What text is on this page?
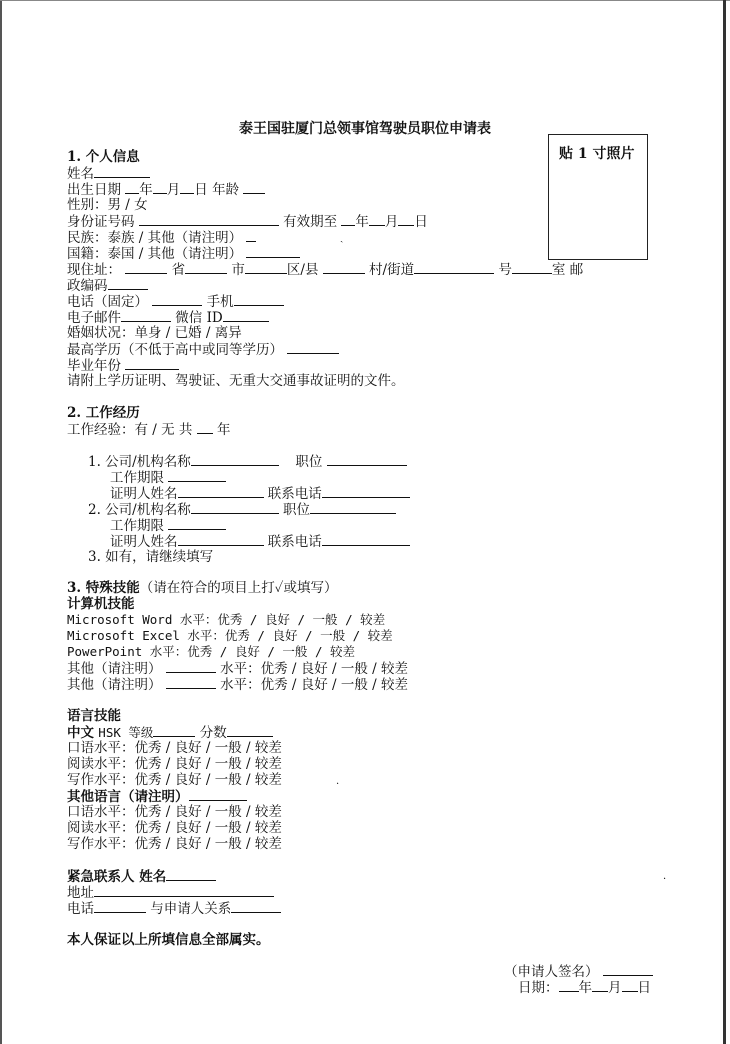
泰王国驻厦门总领事馆驾驶员职位申请表
贴 1 寸照片
1. 个人信息
姓名
出生日期 年 月 日 年龄
性别：男 / 女
身份证号码	有效期至 年 月 日
民族：泰族 / 其他（请注明）	ˎ
国籍：泰国 / 其他（请注明）
现住址：	省	市	区/县	村/街道	号	室 邮
政编码
电话（固定）	手机
电子邮件	微信 ID
婚姻状况：单身 / 已婚 / 离异
最高学历（不低于高中或同等学历）
毕业年份
请附上学历证明、驾驶证、无重大交通事故证明的文件。
2. 工作经历
工作经验：有 / 无 共 年
1. 公司/机构名称	职位
工作期限
证明人姓名	联系电话
2. 公司/机构名称	职位
工作期限
证明人姓名	联系电话
3. 如有，请继续填写
3. 特殊技能（请在符合的项目上打✓或填写）
计算机技能
Microsoft Word 水平：优秀 / 良好 / 一般 / 较差
Microsoft Excel 水平：优秀 / 良好 / 一般 / 较差
PowerPoint 水平：优秀 / 良好 / 一般 / 较差
其他（请注明）	水平：优秀 / 良好 / 一般 / 较差
其他（请注明）	水平：优秀 / 良好 / 一般 / 较差
语言技能
中文 HSK 等级	分数
口语水平：优秀 / 良好 / 一般 / 较差
阅读水平：优秀 / 良好 / 一般 / 较差
写作水平：优秀 / 良好 / 一般 / 较差	.
其他语言（请注明）
口语水平：优秀 / 良好 / 一般 / 较差
阅读水平：优秀 / 良好 / 一般 / 较差
写作水平：优秀 / 良好 / 一般 / 较差
紧急联系人 姓名
地址
电话	与申请人关系
·
本人保证以上所填信息全部属实。
（申请人签名）
日期： 年 月 日
